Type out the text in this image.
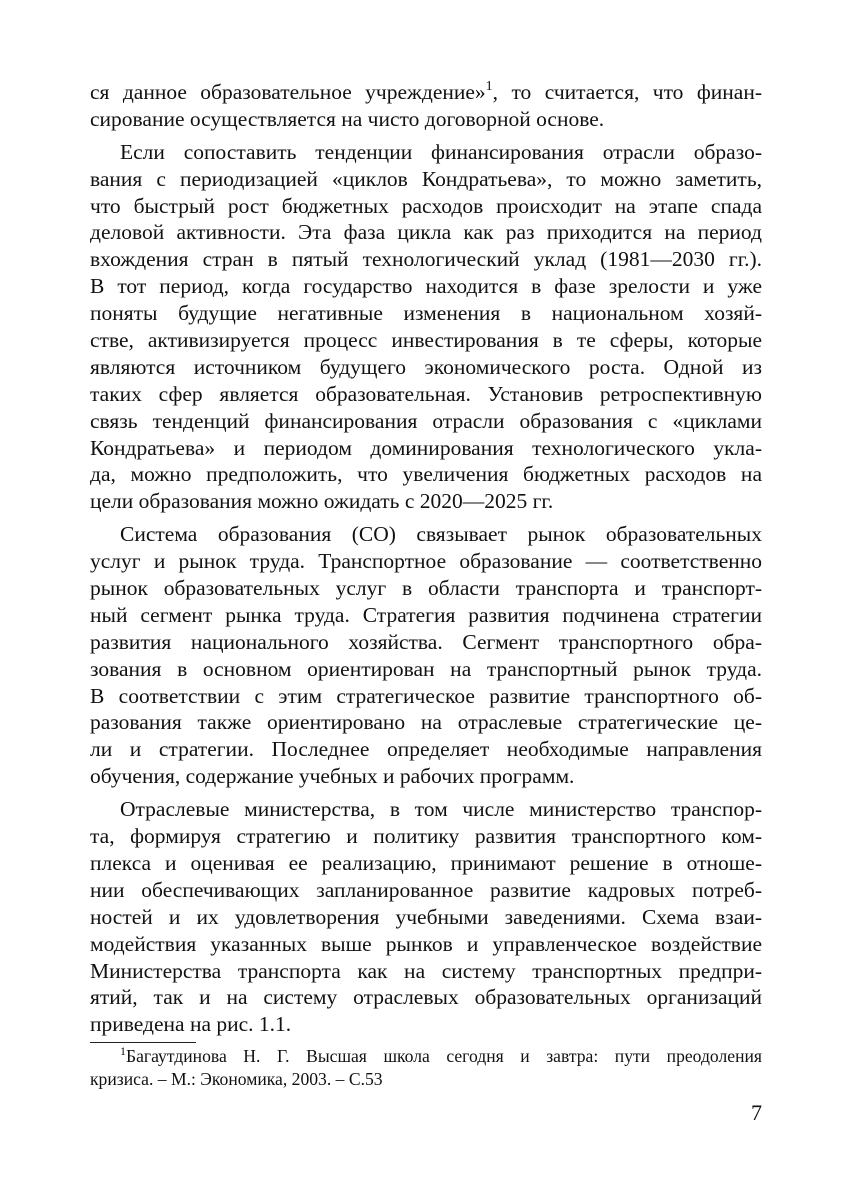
ся данное образовательное учреждение»$^1$, то считается, что финан-
сирование осуществляется на чисто договорной основе.
Если сопоставить тенденции финансирования отрасли образо-
вания с периодизацией «циклов Кондратьева», то можно заметить,
что быстрый рост бюджетных расходов происходит на этапе спада
деловой активности. Эта фаза цикла как раз приходится на период
вхождения стран в пятый технологический уклад (1981—2030 гг.).
В тот период, когда государство находится в фазе зрелости и уже
поняты будущие негативные изменения в национальном хозяй-
стве, активизируется процесс инвестирования в те сферы, которые
являются источником будущего экономического роста. Одной из
таких сфер является образовательная. Установив ретроспективную
связь тенденций финансирования отрасли образования с «циклами
Кондратьева» и периодом доминирования технологического укла-
да, можно предположить, что увеличения бюджетных расходов на
цели образования можно ожидать с 2020—2025 гг.
Система образования (СО) связывает рынок образовательных
услуг и рынок труда. Транспортное образование — соответственно
рынок образовательных услуг в области транспорта и транспорт-
ный сегмент рынка труда. Стратегия развития подчинена стратегии
развития национального хозяйства. Сегмент транспортного обра-
зования в основном ориентирован на транспортный рынок труда.
В соответствии с этим стратегическое развитие транспортного об-
разования также ориентировано на отраслевые стратегические це-
ли и стратегии. Последнее определяет необходимые направления
обучения, содержание учебных и рабочих программ.
Отраслевые министерства, в том числе министерство транспор-
та, формируя стратегию и политику развития транспортного ком-
плекса и оценивая ее реализацию, принимают решение в отноше-
нии обеспечивающих запланированное развитие кадровых потреб-
ностей и их удовлетворения учебными заведениями. Схема взаи-
модействия указанных выше рынков и управленческое воздействие
Министерства транспорта как на систему транспортных предпри-
ятий, так и на систему отраслевых образовательных организаций
приведена на рис. 1.1.
$^1$Багаутдинова Н. Г. Высшая школа сегодня и завтра: пути преодоления
кризиса. – М.: Экономика, 2003. – С.53
7
